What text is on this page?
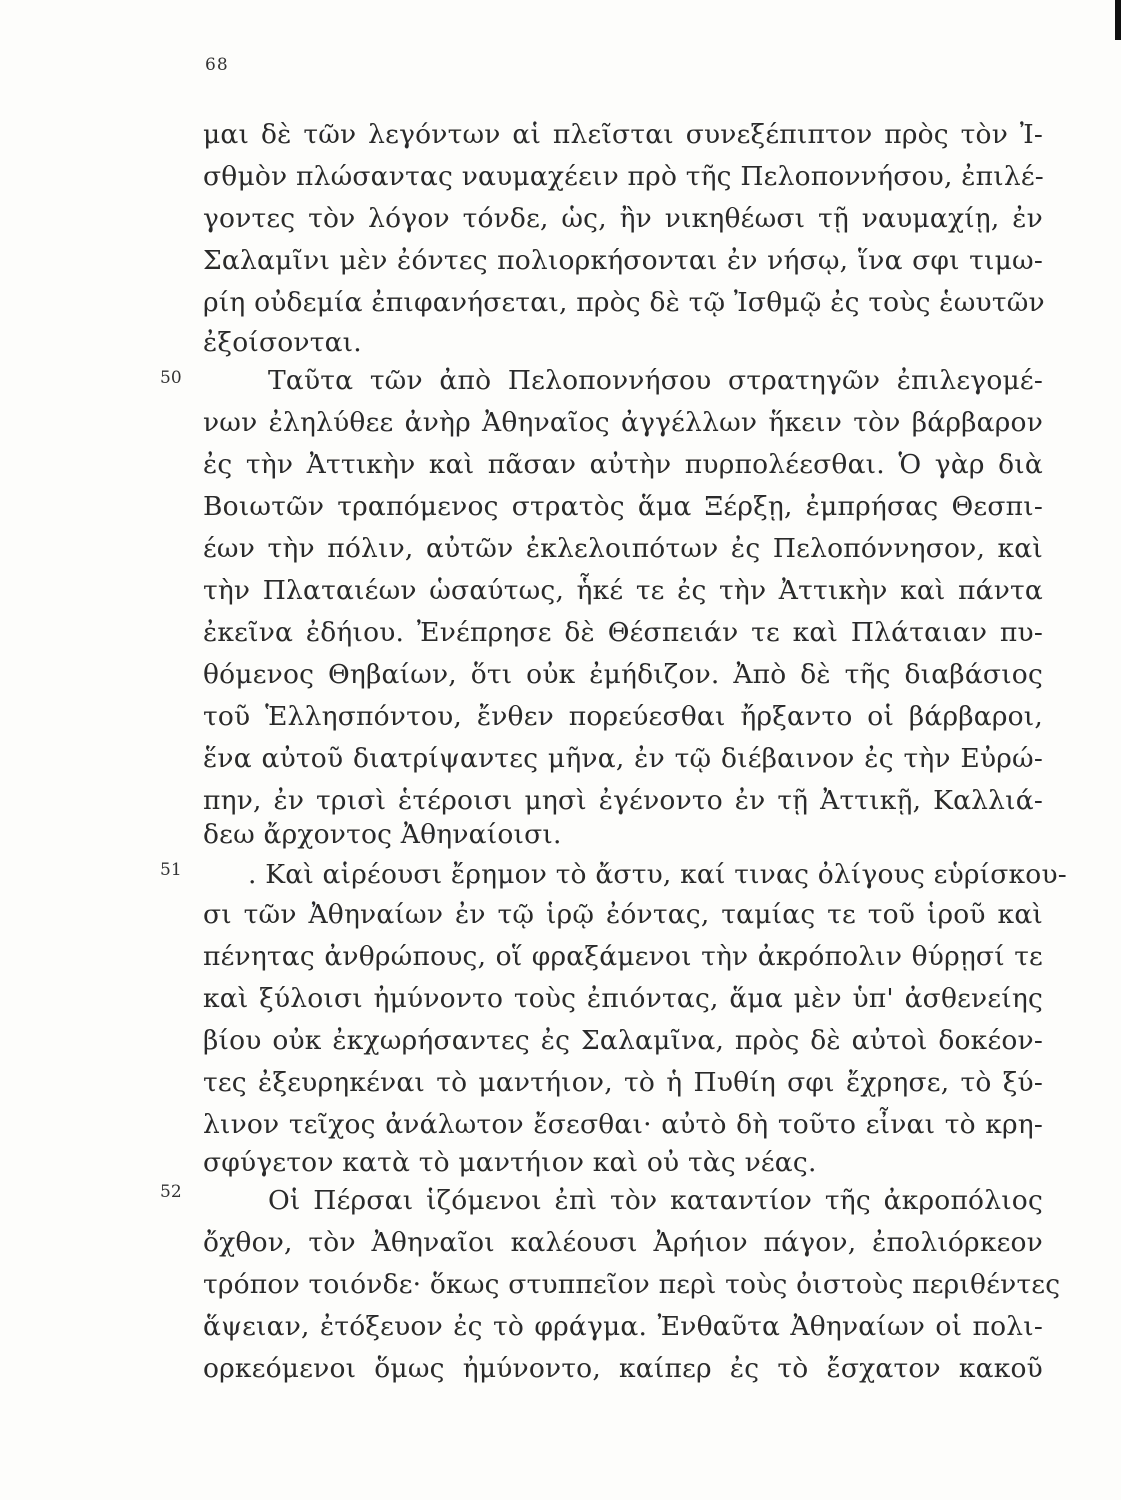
68
50
51
52
μαι δὲ τῶν λεγόντων αἱ πλεῖσται συνεξέπιπτον πρὸς τὸν Ἰ-
σθμὸν πλώσαντας ναυμαχέειν πρὸ τῆς Πελοποννήσου, ἐπιλέ-
γοντες τὸν λόγον τόνδε, ὡς, ἢν νικηθέωσι τῇ ναυμαχίῃ, ἐν
Σαλαμῖνι μὲν ἐόντες πολιορκήσονται ἐν νήσῳ, ἵνα σφι τιμω-
ρίη οὐδεμία ἐπιφανήσεται, πρὸς δὲ τῷ Ἰσθμῷ ἐς τοὺς ἑωυτῶν
ἐξοίσονται.
Ταῦτα τῶν ἀπὸ Πελοποννήσου στρατηγῶν ἐπιλεγομέ-
νων ἐληλύθεε ἀνὴρ Ἀθηναῖος ἀγγέλλων ἥκειν τὸν βάρβαρον
ἐς τὴν Ἀττικὴν καὶ πᾶσαν αὐτὴν πυρπολέεσθαι. Ὁ γὰρ διὰ
Βοιωτῶν τραπόμενος στρατὸς ἅμα Ξέρξῃ, ἐμπρήσας Θεσπι-
έων τὴν πόλιν, αὐτῶν ἐκλελοιπότων ἐς Πελοπόννησον, καὶ
τὴν Πλαταιέων ὡσαύτως, ἧκέ τε ἐς τὴν Ἀττικὴν καὶ πάντα
ἐκεῖνα ἐδήιου. Ἐνέπρησε δὲ Θέσπειάν τε καὶ Πλάταιαν πυ-
θόμενος Θηβαίων, ὅτι οὐκ ἐμήδιζον. Ἀπὸ δὲ τῆς διαβάσιος
τοῦ Ἑλλησπόντου, ἔνθεν πορεύεσθαι ἤρξαντο οἱ βάρβαροι,
ἕνα αὐτοῦ διατρίψαντες μῆνα, ἐν τῷ διέβαινον ἐς τὴν Εὐρώ-
πην, ἐν τρισὶ ἑτέροισι μησὶ ἐγένοντο ἐν τῇ Ἀττικῇ, Καλλιά-
δεω ἄρχοντος Ἀθηναίοισι.
. Καὶ αἱρέουσι ἔρημον τὸ ἄστυ, καί τινας ὀλίγους εὑρίσκου-
σι τῶν Ἀθηναίων ἐν τῷ ἱρῷ ἐόντας, ταμίας τε τοῦ ἱροῦ καὶ
πένητας ἀνθρώπους, οἵ φραξάμενοι τὴν ἀκρόπολιν θύρῃσί τε
καὶ ξύλοισι ἠμύνοντο τοὺς ἐπιόντας, ἅμα μὲν ὑπ' ἀσθενείης
βίου οὐκ ἐκχωρήσαντες ἐς Σαλαμῖνα, πρὸς δὲ αὐτοὶ δοκέον-
τες ἐξευρηκέναι τὸ μαντήιον, τὸ ἡ Πυθίη σφι ἔχρησε, τὸ ξύ-
λινον τεῖχος ἀνάλωτον ἔσεσθαι· αὐτὸ δὴ τοῦτο εἶναι τὸ κρη-
σφύγετον κατὰ τὸ μαντήιον καὶ οὐ τὰς νέας.
Οἱ Πέρσαι ἱζόμενοι ἐπὶ τὸν καταντίον τῆς ἀκροπόλιος
ὄχθον, τὸν Ἀθηναῖοι καλέουσι Ἀρήιον πάγον, ἐπολιόρκεον
τρόπον τοιόνδε· ὅκως στυππεῖον περὶ τοὺς ὀιστοὺς περιθέντες
ἅψειαν, ἐτόξευον ἐς τὸ φράγμα. Ἐνθαῦτα Ἀθηναίων οἱ πολι-
ορκεόμενοι ὅμως ἠμύνοντο, καίπερ ἐς τὸ ἔσχατον κακοῦ
